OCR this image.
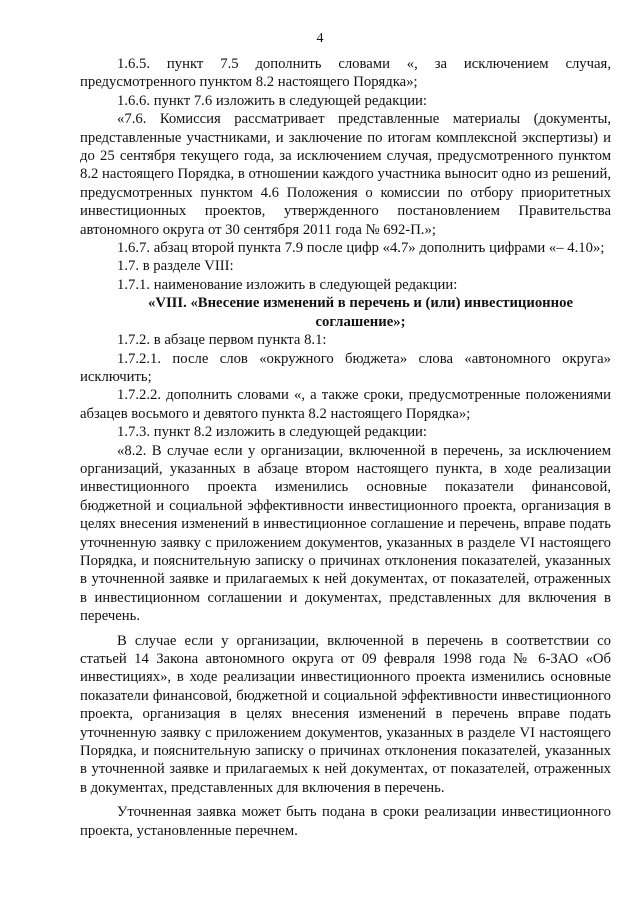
4

1.6.5. пункт 7.5 дополнить словами «, за исключением случая, предусмотренного пунктом 8.2 настоящего Порядка»;

1.6.6. пункт 7.6 изложить в следующей редакции:

«7.6. Комиссия рассматривает представленные материалы (документы, представленные участниками, и заключение по итогам комплексной экспертизы) и до 25 сентября текущего года, за исключением случая, предусмотренного пунктом 8.2 настоящего Порядка, в отношении каждого участника выносит одно из решений, предусмотренных пунктом 4.6 Положения о комиссии по отбору приоритетных инвестиционных проектов, утвержденного постановлением Правительства автономного округа от 30 сентября 2011 года № 692-П.»;

1.6.7. абзац второй пункта 7.9 после цифр «4.7» дополнить цифрами «– 4.10»;

1.7. в разделе VIII:

1.7.1. наименование изложить в следующей редакции:

«VIII. «Внесение изменений в перечень и (или) инвестиционное соглашение»;

1.7.2. в абзаце первом пункта 8.1:

1.7.2.1. после слов «окружного бюджета» слова «автономного округа» исключить;

1.7.2.2. дополнить словами «, а также сроки, предусмотренные положениями абзацев восьмого и девятого пункта 8.2 настоящего Порядка»;

1.7.3. пункт 8.2 изложить в следующей редакции:

«8.2. В случае если у организации, включенной в перечень, за исключением организаций, указанных в абзаце втором настоящего пункта, в ходе реализации инвестиционного проекта изменились основные показатели финансовой, бюджетной и социальной эффективности инвестиционного проекта, организация в целях внесения изменений в инвестиционное соглашение и перечень, вправе подать уточненную заявку с приложением документов, указанных в разделе VI настоящего Порядка, и пояснительную записку о причинах отклонения показателей, указанных в уточненной заявке и прилагаемых к ней документах, от показателей, отраженных в инвестиционном соглашении и документах, представленных для включения в перечень.

В случае если у организации, включенной в перечень в соответствии со статьей 14 Закона автономного округа от 09 февраля 1998 года № 6-ЗАО «Об инвестициях», в ходе реализации инвестиционного проекта изменились основные показатели финансовой, бюджетной и социальной эффективности инвестиционного проекта, организация в целях внесения изменений в перечень вправе подать уточненную заявку с приложением документов, указанных в разделе VI настоящего Порядка, и пояснительную записку о причинах отклонения показателей, указанных в уточненной заявке и прилагаемых к ней документах, от показателей, отраженных в документах, представленных для включения в перечень.

Уточненная заявка может быть подана в сроки реализации инвестиционного проекта, установленные перечнем.
